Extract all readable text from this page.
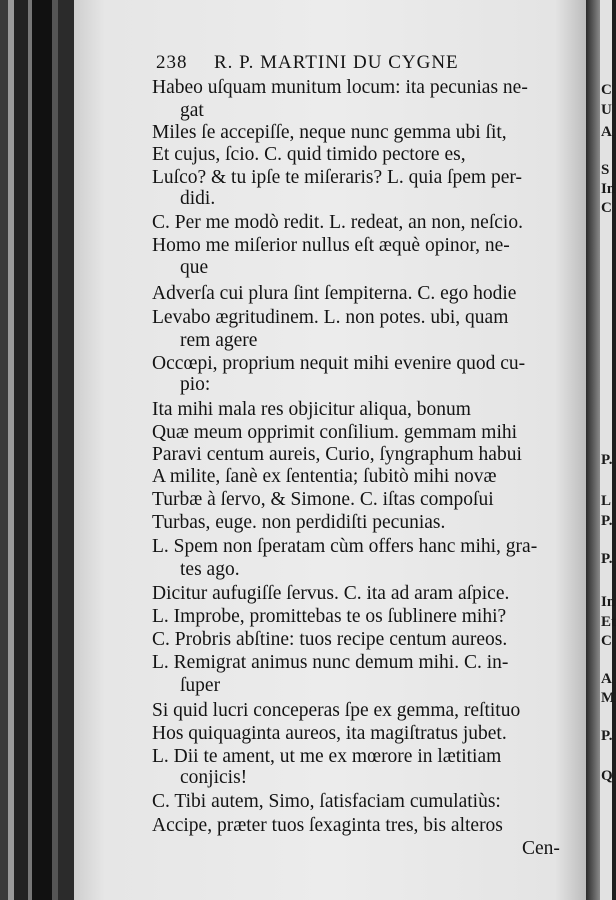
238 R. P. MARTINI DU CYGNE
Habeo uſquam munitum locum: ita pecunias ne-
gat
Miles ſe accepiſſe, neque nunc gemma ubi ſit,
Et cujus, ſcio. C. quid timido pectore es,
Luſco? & tu ipſe te miſeraris? L. quia ſpem per-
didi.
C. Per me modò redit. L. redeat, an non, neſcio.
Homo me miſerior nullus eſt æquè opinor, ne-
que
Adverſa cui plura ſint ſempiterna. C. ego hodie
Levabo ægritudinem. L. non potes. ubi, quam
rem agere
Occœpi, proprium nequit mihi evenire quod cu-
pio:
Ita mihi mala res objicitur aliqua, bonum
Quæ meum opprimit conſilium. gemmam mihi
Paravi centum aureis, Curio, ſyngraphum habui
A milite, ſanè ex ſententia; ſubitò mihi novæ
Turbæ à ſervo, & Simone. C. iſtas compoſui
Turbas, euge. non perdidiſti pecunias.
L. Spem non ſperatam cùm offers hanc mihi, gra-
tes ago.
Dicitur aufugiſſe ſervus. C. ita ad aram aſpice.
L. Improbe, promittebas te os ſublinere mihi?
C. Probris abſtine: tuos recipe centum aureos.
L. Remigrat animus nunc demum mihi. C. in-
ſuper
Si quid lucri conceperas ſpe ex gemma, reſtituo
Hos quiquaginta aureos, ita magiſtratus jubet.
L. Dii te ament, ut me ex mœrore in lætitiam
conjicis!
C. Tibi autem, Simo, ſatisfaciam cumulatiùs:
Accipe, præter tuos ſexaginta tres, bis alteros
Cen-
C
U
A
S
In
C
P.
L
P.
P.
In
Et
C
A
M
P.
Q
